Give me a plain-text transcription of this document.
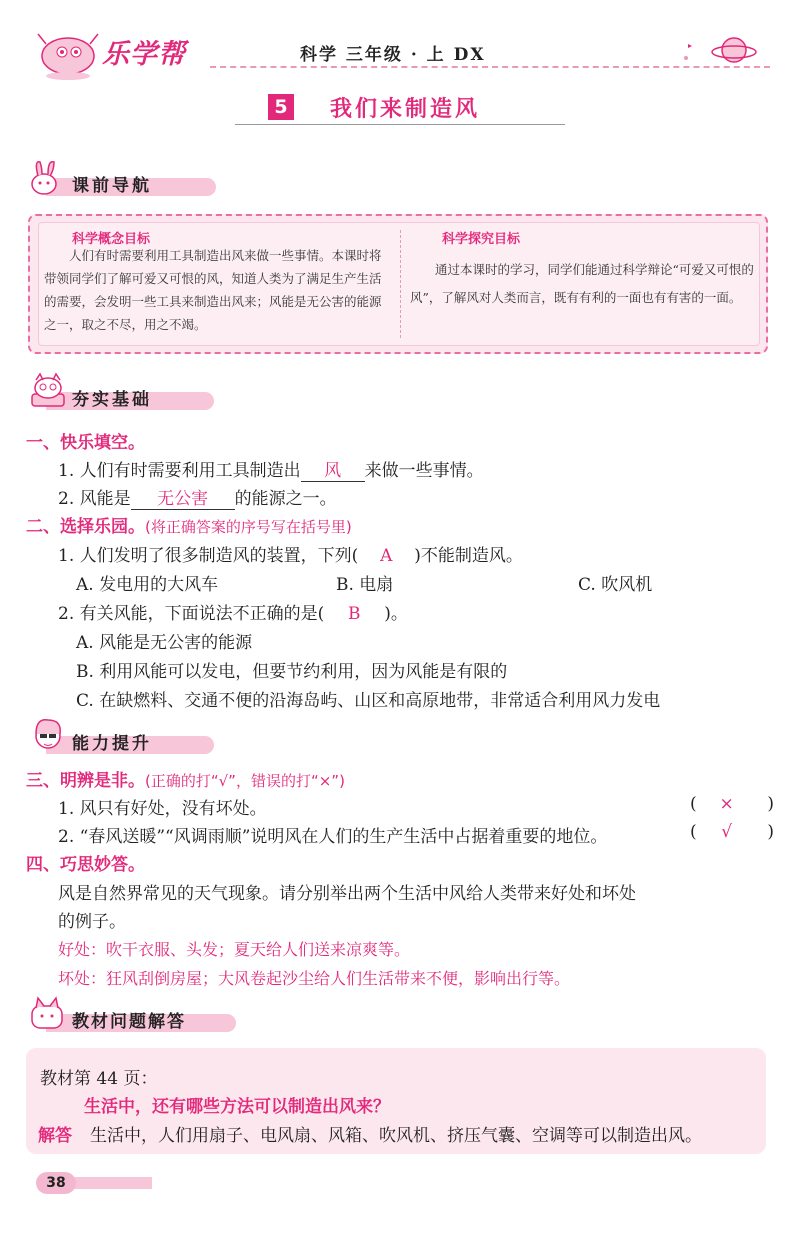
乐学帮	科学 三年级 · 上 DX
5 我们来制造风
课前导航
科学概念目标
人们有时需要利用工具制造出风来做一些事情。本课时将带领同学们了解可爱又可恨的风，知道人类为了满足生产生活的需要，会发明一些工具来制造出风来；风能是无公害的能源之一，取之不尽，用之不竭。
科学探究目标
通过本课时的学习，同学们能通过科学辩论“可爱又可恨的风”，了解风对人类而言，既有有利的一面也有有害的一面。
夯实基础
一、快乐填空。
1. 人们有时需要利用工具制造出 风 来做一些事情。
2. 风能是 无公害 的能源之一。
二、选择乐园。(将正确答案的序号写在括号里)
1. 人们发明了很多制造风的装置，下列( A )不能制造风。
A. 发电用的大风车	B. 电扇	C. 吹风机
2. 有关风能，下面说法不正确的是( B )。
A. 风能是无公害的能源
B. 利用风能可以发电，但要节约利用，因为风能是有限的
C. 在缺燃料、交通不便的沿海岛屿、山区和高原地带，非常适合利用风力发电
能力提升
三、明辨是非。(正确的打“√”，错误的打“×”)
1. 风只有好处，没有坏处。	( × )
2. “春风送暖”“风调雨顺”说明风在人们的生产生活中占据着重要的地位。	( √ )
四、巧思妙答。
风是自然界常见的天气现象。请分别举出两个生活中风给人类带来好处和坏处
的例子。
好处：吹干衣服、头发；夏天给人们送来凉爽等。
坏处：狂风刮倒房屋；大风卷起沙尘给人们生活带来不便，影响出行等。
教材问题解答
教材第 44 页：
生活中，还有哪些方法可以制造出风来？
解答 生活中，人们用扇子、电风扇、风箱、吹风机、挤压气囊、空调等可以制造出风。
38
